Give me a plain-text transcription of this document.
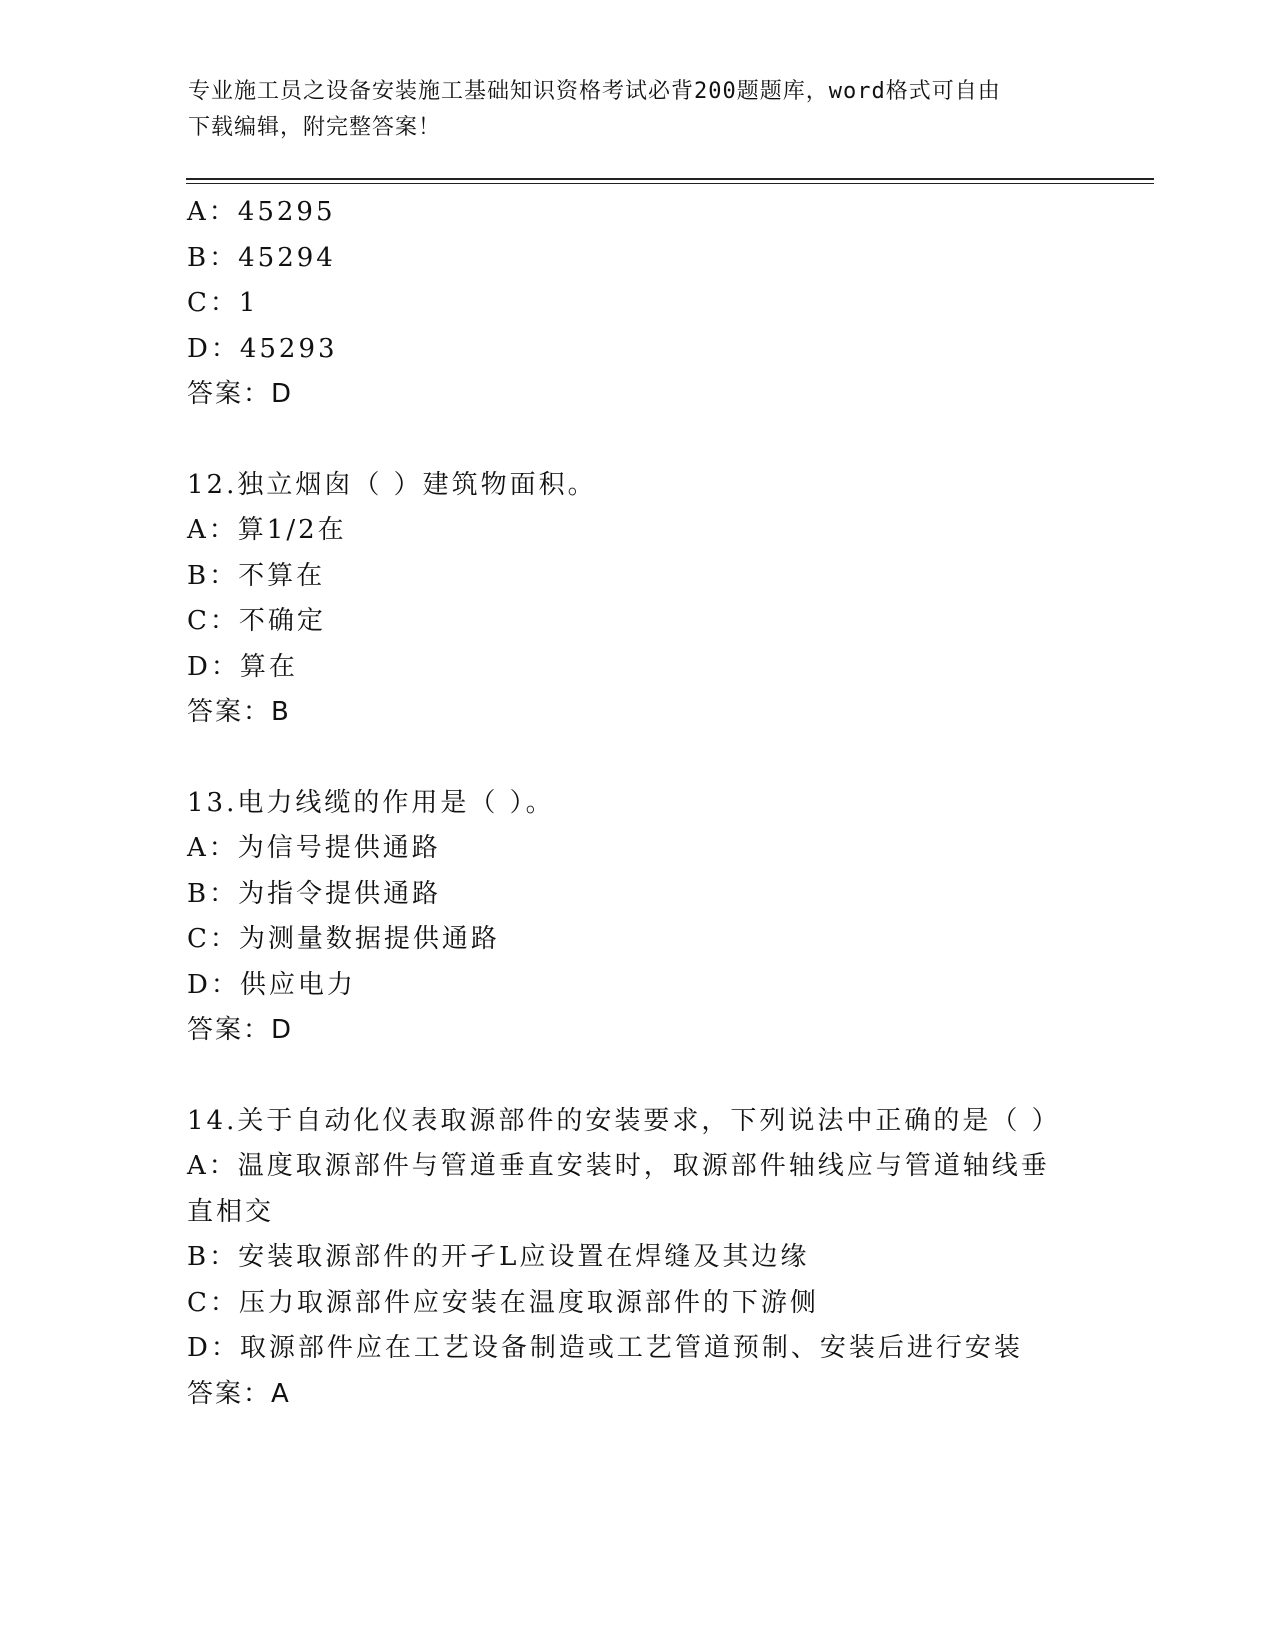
专业施工员之设备安装施工基础知识资格考试必背200题题库，word格式可自由
下载编辑，附完整答案！
A：45295
B：45294
C：1
D：45293
答案：D
12.独立烟囱（ ）建筑物面积。
A：算1/2在
B：不算在
C：不确定
D：算在
答案：B
13.电力线缆的作用是（ ）。
A：为信号提供通路
B：为指令提供通路
C：为测量数据提供通路
D：供应电力
答案：D
14.关于自动化仪表取源部件的安装要求，下列说法中正确的是（ ）
A：温度取源部件与管道垂直安装时，取源部件轴线应与管道轴线垂直相交
B：安装取源部件的开孑L应设置在焊缝及其边缘
C：压力取源部件应安装在温度取源部件的下游侧
D：取源部件应在工艺设备制造或工艺管道预制、安装后进行安装
答案：A
